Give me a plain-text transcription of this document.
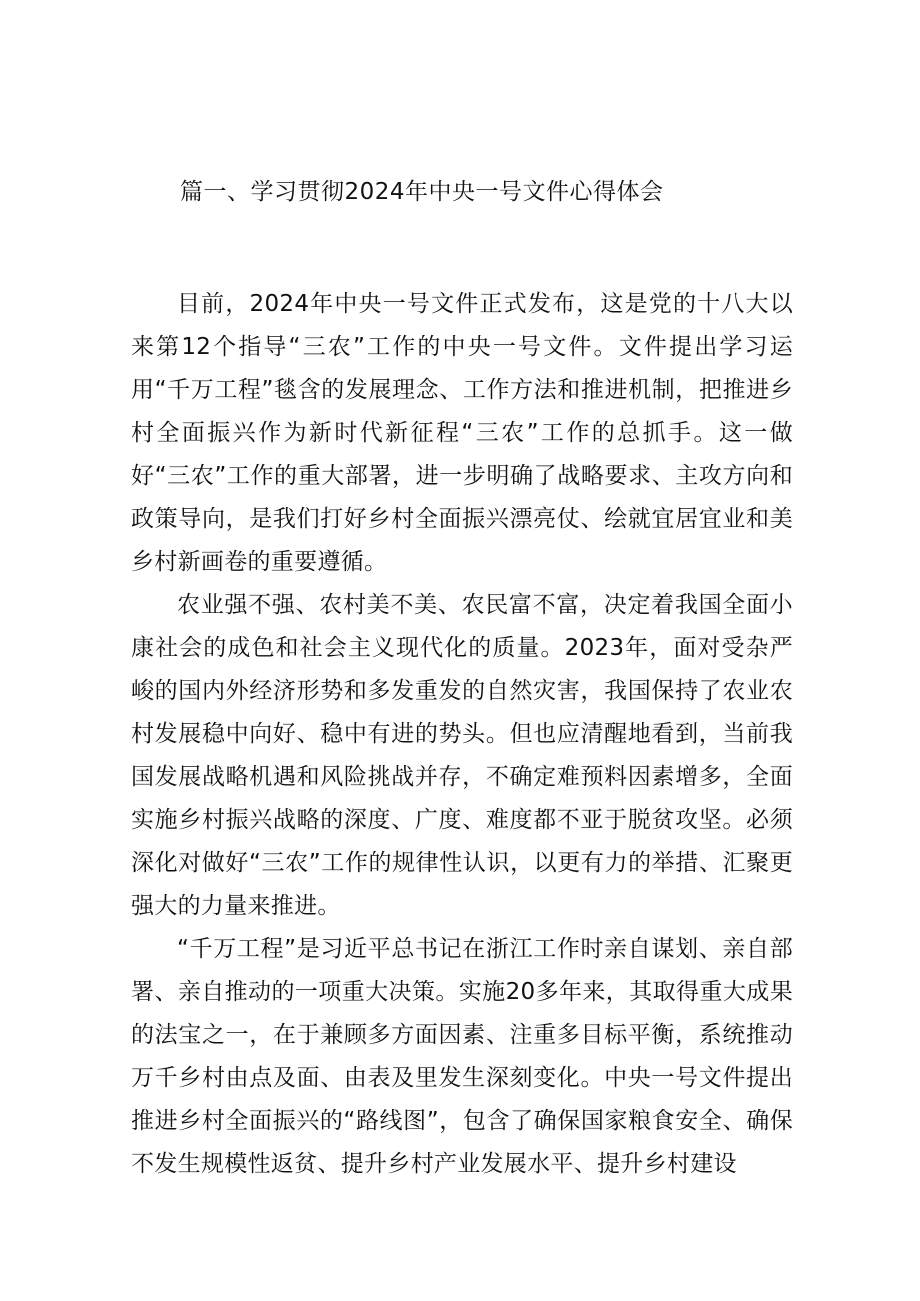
篇一、学习贯彻2024年中央一号文件心得体会

目前，2024年中央一号文件正式发布，这是党的十八大以来第12个指导“三农”工作的中央一号文件。文件提出学习运用“千万工程”毯含的发展理念、工作方法和推进机制，把推进乡村全面振兴作为新时代新征程“三农”工作的总抓手。这一做好“三农”工作的重大部署，进一步明确了战略要求、主攻方向和政策导向，是我们打好乡村全面振兴漂亮仗、绘就宜居宜业和美乡村新画卷的重要遵循。

农业强不强、农村美不美、农民富不富，决定着我国全面小康社会的成色和社会主义现代化的质量。2023年，面对受杂严峻的国内外经济形势和多发重发的自然灾害，我国保持了农业农村发展稳中向好、稳中有进的势头。但也应清醒地看到，当前我国发展战略机遇和风险挑战并存，不确定难预料因素增多，全面实施乡村振兴战略的深度、广度、难度都不亚于脱贫攻坚。必须深化对做好“三农”工作的规律性认识，以更有力的举措、汇聚更强大的力量来推进。

“千万工程”是习近平总书记在浙江工作时亲自谋划、亲自部署、亲自推动的一项重大决策。实施20多年来，其取得重大成果的法宝之一，在于兼顾多方面因素、注重多目标平衡，系统推动万千乡村由点及面、由表及里发生深刻变化。中央一号文件提出推进乡村全面振兴的“路线图”，包含了确保国家粮食安全、确保不发生规模性返贫、提升乡村产业发展水平、提升乡村建设
